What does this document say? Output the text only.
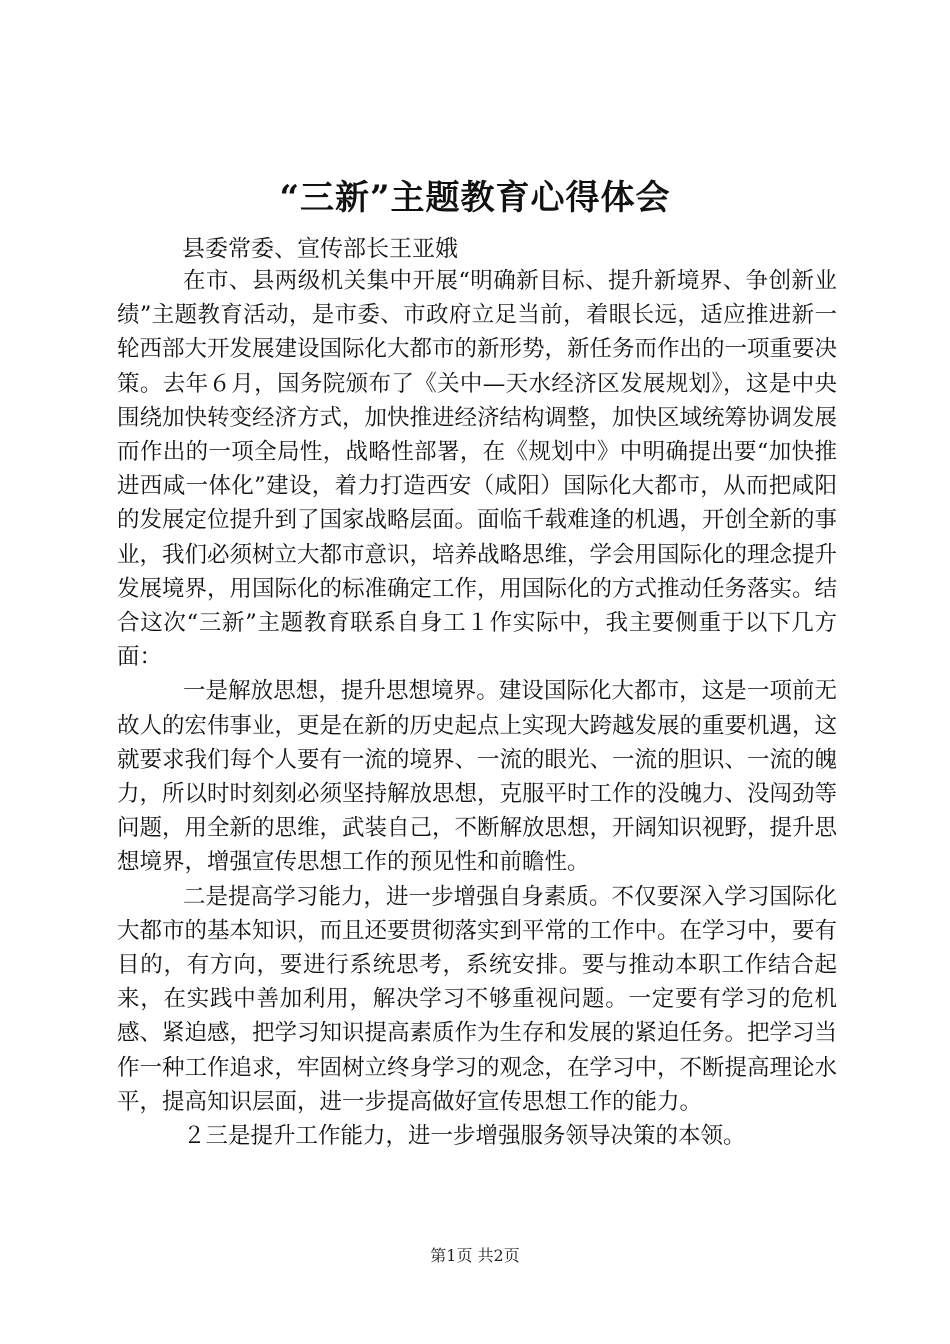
“三新”主题教育心得体会
县委常委、宣传部长王亚娥

在市、县两级机关集中开展“明确新目标、提升新境界、争创新业绩”主题教育活动，是市委、市政府立足当前，着眼长远，适应推进新一轮西部大开发展建设国际化大都市的新形势，新任务而作出的一项重要决策。去年６月，国务院颁布了《关中—天水经济区发展规划》，这是中央围绕加快转变经济方式，加快推进经济结构调整，加快区域统筹协调发展而作出的一项全局性，战略性部署，在《规划中》中明确提出要“加快推进西咸一体化”建设，着力打造西安（咸阳）国际化大都市，从而把咸阳的发展定位提升到了国家战略层面。面临千载难逢的机遇，开创全新的事业，我们必须树立大都市意识，培养战略思维，学会用国际化的理念提升发展境界，用国际化的标准确定工作，用国际化的方式推动任务落实。结合这次“三新”主题教育联系自身工１作实际中，我主要侧重于以下几方面：

一是解放思想，提升思想境界。建设国际化大都市，这是一项前无故人的宏伟事业，更是在新的历史起点上实现大跨越发展的重要机遇，这就要求我们每个人要有一流的境界、一流的眼光、一流的胆识、一流的魄力，所以时时刻刻必须坚持解放思想，克服平时工作的没魄力、没闯劲等问题，用全新的思维，武装自己，不断解放思想，开阔知识视野，提升思想境界，增强宣传思想工作的预见性和前瞻性。

二是提高学习能力，进一步增强自身素质。不仅要深入学习国际化大都市的基本知识，而且还要贯彻落实到平常的工作中。在学习中，要有目的，有方向，要进行系统思考，系统安排。要与推动本职工作结合起来，在实践中善加利用，解决学习不够重视问题。一定要有学习的危机感、紧迫感，把学习知识提高素质作为生存和发展的紧迫任务。把学习当作一种工作追求，牢固树立终身学习的观念，在学习中，不断提高理论水平，提高知识层面，进一步提高做好宣传思想工作的能力。

２三是提升工作能力，进一步增强服务领导决策的本领。

第1页 共2页
